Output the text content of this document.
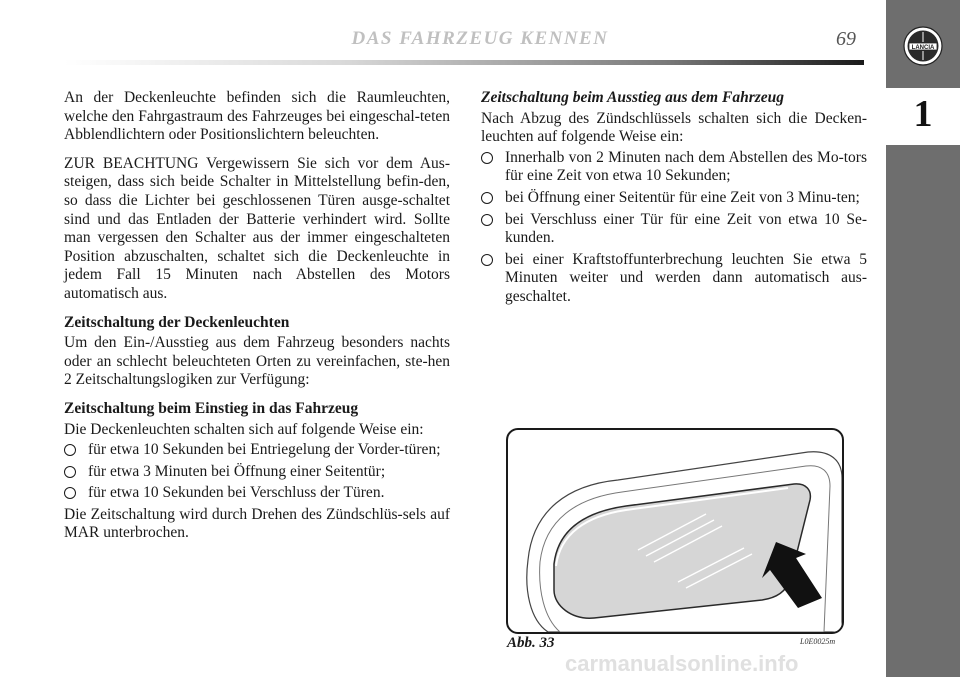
DAS FAHRZEUG KENNEN	69
1
LANCIA

An der Deckenleuchte befinden sich die Raumleuchten, welche den Fahrgastraum des Fahrzeuges bei eingeschal-teten Abblendlichtern oder Positionslichtern beleuchten.

ZUR BEACHTUNG Vergewissern Sie sich vor dem Aus-steigen, dass sich beide Schalter in Mittelstellung befin-den, so dass die Lichter bei geschlossenen Türen ausge-schaltet sind und das Entladen der Batterie verhindert wird. Sollte man vergessen den Schalter aus der immer eingeschalteten Position abzuschalten, schaltet sich die Deckenleuchte in jedem Fall 15 Minuten nach Abstellen des Motors automatisch aus.

Zeitschaltung der Deckenleuchten

Um den Ein-/Ausstieg aus dem Fahrzeug besonders nachts oder an schlecht beleuchteten Orten zu vereinfachen, ste-hen 2 Zeitschaltungslogiken zur Verfügung:

Zeitschaltung beim Einstieg in das Fahrzeug

Die Deckenleuchten schalten sich auf folgende Weise ein:

für etwa 10 Sekunden bei Entriegelung der Vorder-türen;
für etwa 3 Minuten bei Öffnung einer Seitentür;
für etwa 10 Sekunden bei Verschluss der Türen.

Die Zeitschaltung wird durch Drehen des Zündschlüs-sels auf MAR unterbrochen.

Zeitschaltung beim Ausstieg aus dem Fahrzeug

Nach Abzug des Zündschlüssels schalten sich die Decken-leuchten auf folgende Weise ein:

Innerhalb von 2 Minuten nach dem Abstellen des Mo-tors für eine Zeit von etwa 10 Sekunden;
bei Öffnung einer Seitentür für eine Zeit von 3 Minu-ten;
bei Verschluss einer Tür für eine Zeit von etwa 10 Se-kunden.
bei einer Kraftstoffunterbrechung leuchten Sie etwa 5 Minuten weiter und werden dann automatisch aus-geschaltet.
Abb. 33	L0E0025m
carmanualsonline.info
